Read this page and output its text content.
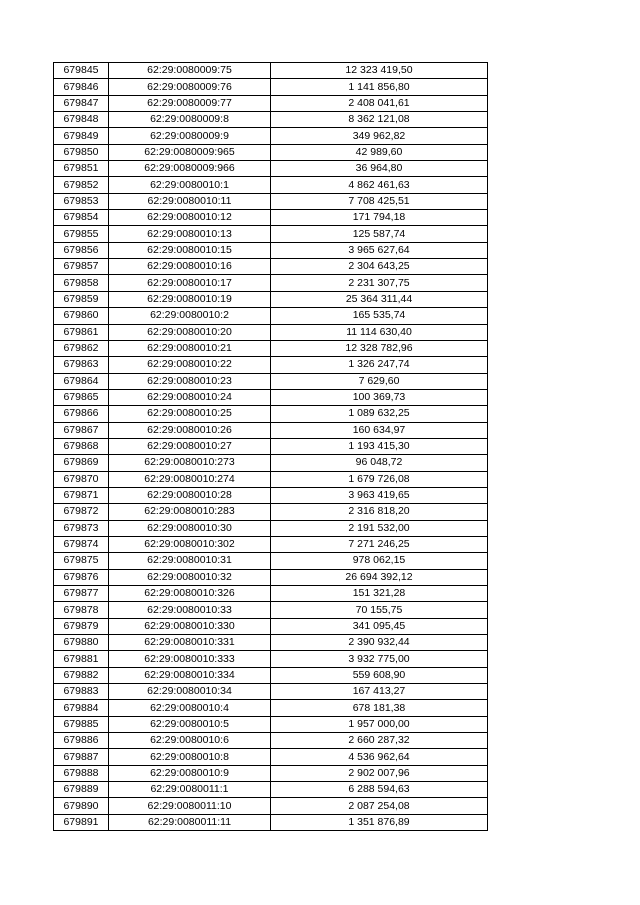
679845	62:29:0080009:75	12 323 419,50
679846	62:29:0080009:76	1 141 856,80
679847	62:29:0080009:77	2 408 041,61
679848	62:29:0080009:8	8 362 121,08
679849	62:29:0080009:9	349 962,82
679850	62:29:0080009:965	42 989,60
679851	62:29:0080009:966	36 964,80
679852	62:29:0080010:1	4 862 461,63
679853	62:29:0080010:11	7 708 425,51
679854	62:29:0080010:12	171 794,18
679855	62:29:0080010:13	125 587,74
679856	62:29:0080010:15	3 965 627,64
679857	62:29:0080010:16	2 304 643,25
679858	62:29:0080010:17	2 231 307,75
679859	62:29:0080010:19	25 364 311,44
679860	62:29:0080010:2	165 535,74
679861	62:29:0080010:20	11 114 630,40
679862	62:29:0080010:21	12 328 782,96
679863	62:29:0080010:22	1 326 247,74
679864	62:29:0080010:23	7 629,60
679865	62:29:0080010:24	100 369,73
679866	62:29:0080010:25	1 089 632,25
679867	62:29:0080010:26	160 634,97
679868	62:29:0080010:27	1 193 415,30
679869	62:29:0080010:273	96 048,72
679870	62:29:0080010:274	1 679 726,08
679871	62:29:0080010:28	3 963 419,65
679872	62:29:0080010:283	2 316 818,20
679873	62:29:0080010:30	2 191 532,00
679874	62:29:0080010:302	7 271 246,25
679875	62:29:0080010:31	978 062,15
679876	62:29:0080010:32	26 694 392,12
679877	62:29:0080010:326	151 321,28
679878	62:29:0080010:33	70 155,75
679879	62:29:0080010:330	341 095,45
679880	62:29:0080010:331	2 390 932,44
679881	62:29:0080010:333	3 932 775,00
679882	62:29:0080010:334	559 608,90
679883	62:29:0080010:34	167 413,27
679884	62:29:0080010:4	678 181,38
679885	62:29:0080010:5	1 957 000,00
679886	62:29:0080010:6	2 660 287,32
679887	62:29:0080010:8	4 536 962,64
679888	62:29:0080010:9	2 902 007,96
679889	62:29:0080011:1	6 288 594,63
679890	62:29:0080011:10	2 087 254,08
679891	62:29:0080011:11	1 351 876,89
